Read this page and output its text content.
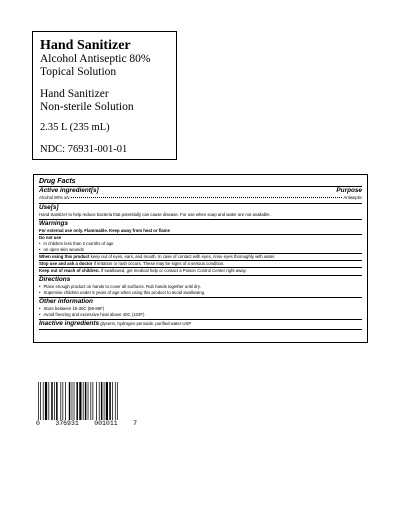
Hand Sanitizer
Alcohol Antiseptic 80%
Topical Solution
Hand Sanitizer
Non-sterile Solution
2.35 L (235 mL)
NDC: 76931-001-01
Drug Facts
Active ingredient[s]	Purpose
Alcohol 80% v/v	Antiseptic
Use[s]
Hand Sanitizer to help reduce bacteria that potentially can cause disease. For use when soap and water are not available.
Warnings
For external use only. Flammable. Keep away from heat or flame
Do not use
• in children less than 2 months of age
• on open skin wounds
When using this product keep out of eyes, ears, and mouth. In case of contact with eyes, rinse eyes thoroughly with water.
Stop use and ask a doctor if irritation or rash occurs. These may be signs of a serious condition.
Keep out of reach of children. If swallowed, get medical help or contact a Poison Control Center right away.
Directions
• Place enough product on hands to cover all surfaces. Rub hands together until dry.
• Supervise children under 6 years of age when using this product to avoid swallowing.
Other information
• Store between 15-30C (59-86F)
• Avoid freezing and excessive heat above 40C (104F)
Inactive ingredients glycerin, hydrogen peroxide, purified water USP
0 376931 001011 7
